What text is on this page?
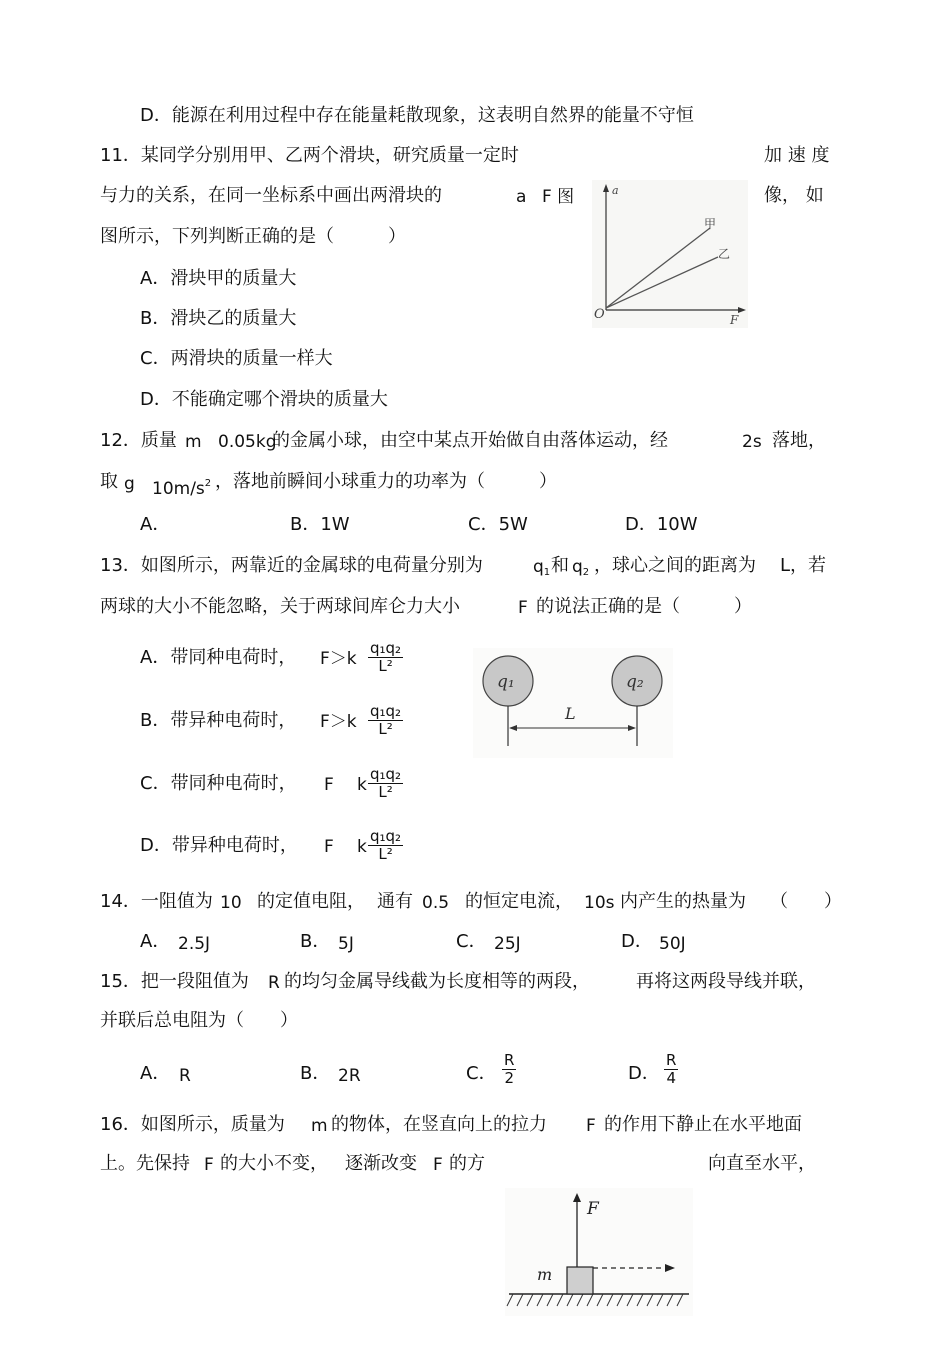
D．能源在利用过程中存在能量耗散现象，这表明自然界的能量不守恒
11．某同学分别用甲、乙两个滑块，研究质量一定时	加 速 度
与力的关系，在同一坐标系中画出两滑块的	a F 图	像， 如
图所示，下列判断正确的是（　　　）
A．滑块甲的质量大
B．滑块乙的质量大
C．两滑块的质量一样大
D．不能确定哪个滑块的质量大
a
F
O
甲
乙
12．质量 m 0.05kg
的金属小球，由空中某点开始做自由落体运动，经	2s 落地，
取 g $10m/s^2$ ，落地前瞬间小球重力的功率为（　　　）
A．	B．1W	C．5W	D．10W
13．如图所示，两靠近的金属球的电荷量分别为	$q_1$ 和 $q_2$ ，球心之间的距离为 L，若
两球的大小不能忽略，关于两球间库仑力大小	F 的说法正确的是（　　　）
A．带同种电荷时， $F>k \frac{\text{q₁q₂}}{\text{L²}}$
B．带异种电荷时， $F>k \frac{\text{q₁q₂}}{\text{L²}}$
C．带同种电荷时， F k $\frac{\text{q₁q₂}}{\text{L²}}$
D．带异种电荷时， F k $\frac{\text{q₁q₂}}{\text{L²}}$
q₁	q₂
L
14．一阻值为 10 的定值电阻， 通有 0.5 的恒定电流， 10s 内产生的热量为 （　　）
A． 2.5J	B． 5J	C． 25J	D． 50J
15．把一段阻值为 R 的均匀金属导线截为长度相等的两段，	再将这两段导线并联，
并联后总电阻为（　　）
A． R	B． 2R	C． $\frac{R}{2}$	D． $\frac{R}{4}$
16．如图所示，质量为 m 的物体，在竖直向上的拉力 F 的作用下静止在水平地面
上。先保持 F 的大小不变， 逐渐改变 F 的方	向直至水平，
F
m
